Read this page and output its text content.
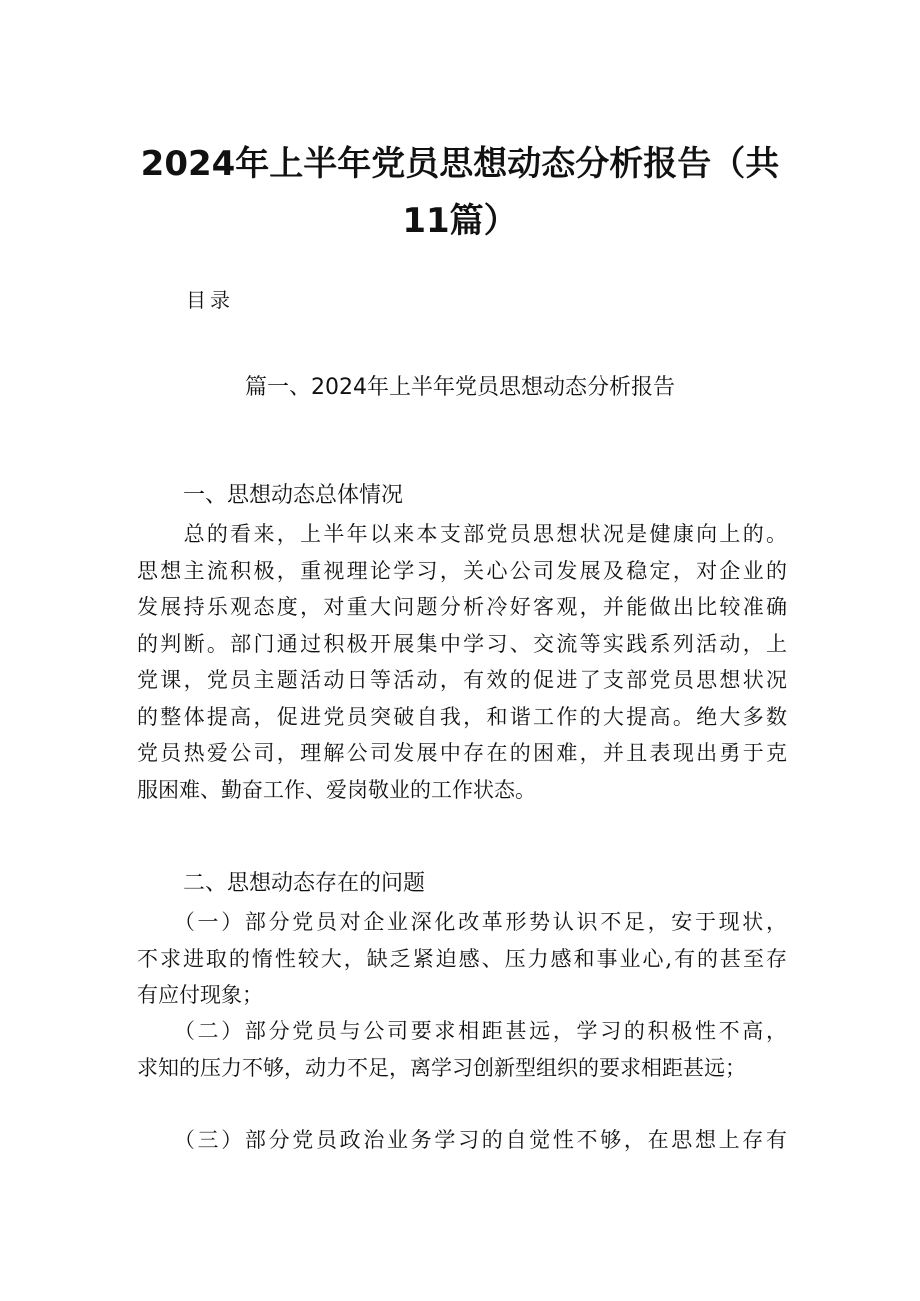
2024年上半年党员思想动态分析报告（共
11篇）
目录
篇一、2024年上半年党员思想动态分析报告
一、思想动态总体情况
　　总的看来，上半年以来本支部党员思想状况是健康向上的。
思想主流积极，重视理论学习，关心公司发展及稳定，对企业的
发展持乐观态度，对重大问题分析冷好客观，并能做出比较准确
的判断。部门通过积极开展集中学习、交流等实践系列活动，上
党课，党员主题活动日等活动，有效的促进了支部党员思想状况
的整体提高，促进党员突破自我，和谐工作的大提高。绝大多数
党员热爱公司，理解公司发展中存在的困难，并且表现出勇于克
服困难、勤奋工作、爱岗敬业的工作状态。
二、思想动态存在的问题
　　（一）部分党员对企业深化改革形势认识不足，安于现状，
不求进取的惰性较大，缺乏紧迫感、压力感和事业心,有的甚至存
有应付现象；
　　（二）部分党员与公司要求相距甚远，学习的积极性不高，
求知的压力不够，动力不足，离学习创新型组织的要求相距甚远；
　　（三）部分党员政治业务学习的自觉性不够，在思想上存有
